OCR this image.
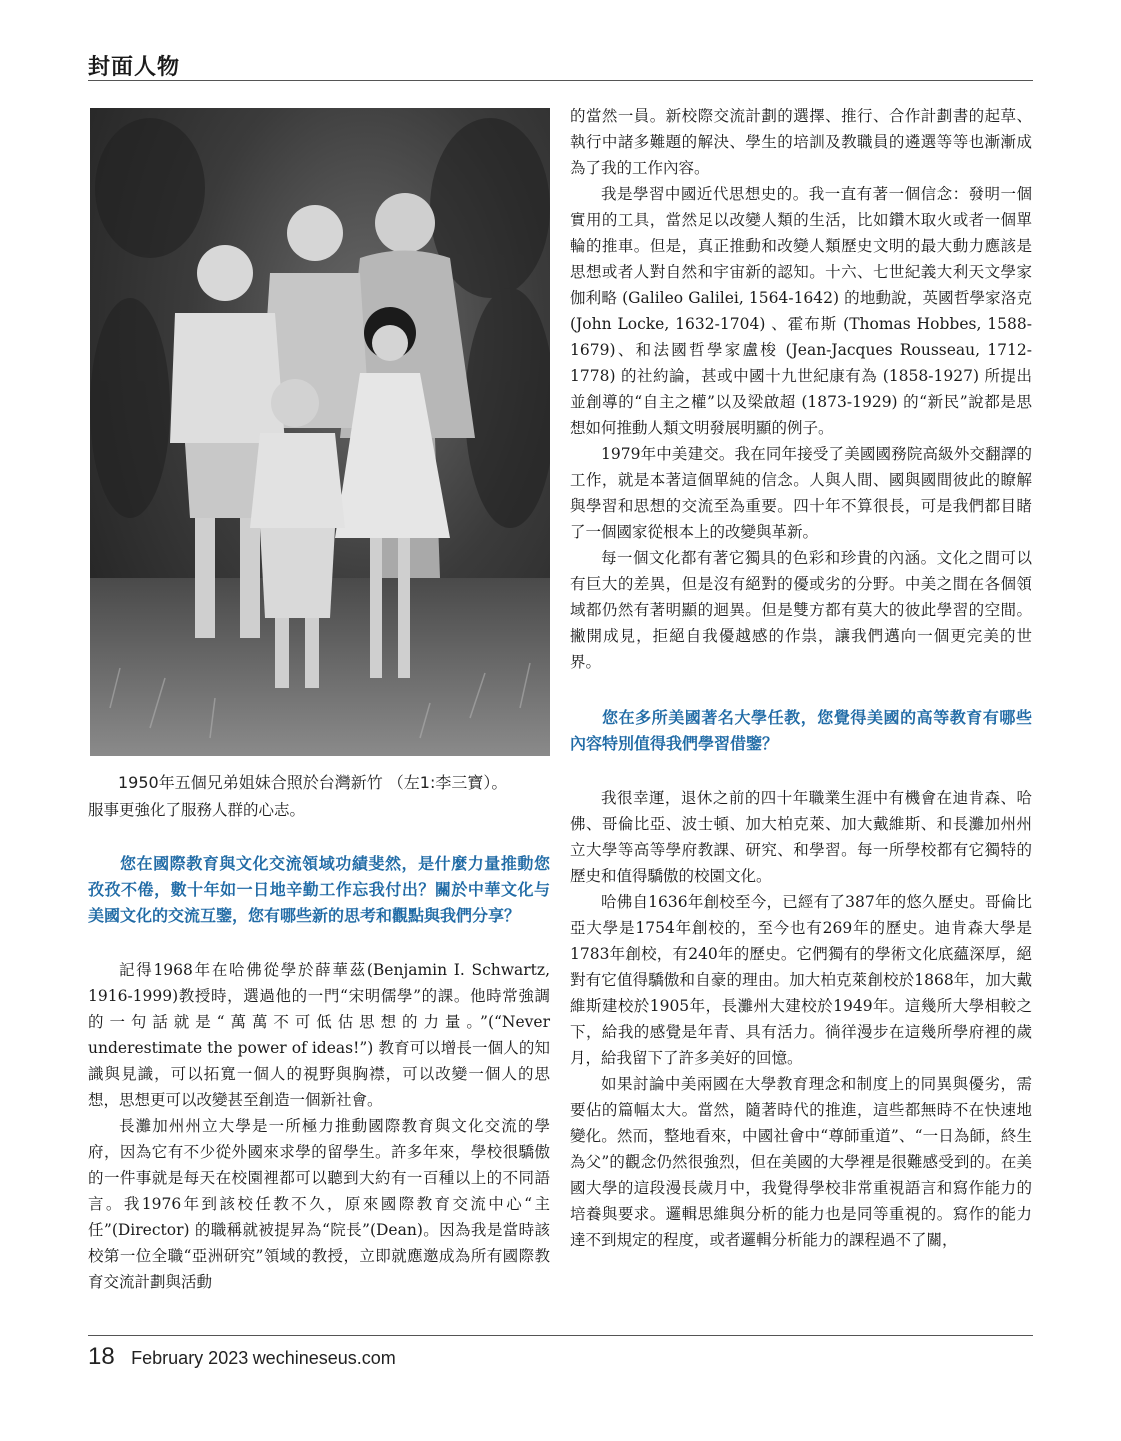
封面人物
1950年五個兄弟姐妹合照於台灣新竹 （左1:李三寶）。

服事更強化了服務人群的心志。

您在國際教育與文化交流領域功績斐然，是什麼力量推動您孜孜不倦，數十年如一日地辛勤工作忘我付出？關於中華文化与美國文化的交流互鑒，您有哪些新的思考和觀點與我們分享？

記得1968年在哈佛從學於薛華茲(Benjamin I. Schwartz, 1916-1999)教授時，選過他的一門“宋明儒學”的課。他時常強調的一句話就是“萬萬不可低估思想的力量。”(“Never underestimate the power of ideas!”) 教育可以增長一個人的知識與見識，可以拓寬一個人的視野與胸襟，可以改變一個人的思想，思想更可以改變甚至創造一個新社會。

長灘加州州立大學是一所極力推動國際教育與文化交流的學府，因為它有不少從外國來求學的留學生。許多年來，學校很驕傲的一件事就是每天在校園裡都可以聽到大約有一百種以上的不同語言。我1976年到該校任教不久，原來國際教育交流中心“主任”(Director) 的職稱就被提昇為“院長”(Dean)。因為我是當時該校第一位全職“亞洲研究”領域的教授，立即就應邀成為所有國際教育交流計劃與活動

的當然一員。新校際交流計劃的選擇、推行、合作計劃書的起草、執行中諸多難題的解決、學生的培訓及教職員的遴選等等也漸漸成為了我的工作內容。

我是學習中國近代思想史的。我一直有著一個信念：發明一個實用的工具，當然足以改變人類的生活，比如鑽木取火或者一個單輪的推車。但是，真正推動和改變人類歷史文明的最大動力應該是思想或者人對自然和宇宙新的認知。十六、七世紀義大利天文學家伽利略 (Galileo Galilei, 1564-1642) 的地動說，英國哲學家洛克 (John Locke, 1632-1704) 、霍布斯 (Thomas Hobbes, 1588-1679)、和法國哲學家盧梭 (Jean-Jacques Rousseau, 1712-1778) 的社約論，甚或中國十九世紀康有為 (1858-1927) 所提出並創導的“自主之權”以及梁啟超 (1873-1929) 的“新民”說都是思想如何推動人類文明發展明顯的例子。

1979年中美建交。我在同年接受了美國國務院高級外交翻譯的工作，就是本著這個單純的信念。人與人間、國與國間彼此的瞭解與學習和思想的交流至為重要。四十年不算很長，可是我們都目睹了一個國家從根本上的改變與革新。

每一個文化都有著它獨具的色彩和珍貴的內涵。文化之間可以有巨大的差異，但是沒有絕對的優或劣的分野。中美之間在各個領域都仍然有著明顯的迴異。但是雙方都有莫大的彼此學習的空間。撇開成見，拒絕自我優越感的作祟，讓我們邁向一個更完美的世界。

您在多所美國著名大學任教，您覺得美國的高等教育有哪些內容特別值得我們學習借鑒？

我很幸運，退休之前的四十年職業生涯中有機會在迪肯森、哈佛、哥倫比亞、波士頓、加大柏克萊、加大戴維斯、和長灘加州州立大學等高等學府教課、研究、和學習。每一所學校都有它獨特的歷史和值得驕傲的校園文化。

哈佛自1636年創校至今，已經有了387年的悠久歷史。哥倫比亞大學是1754年創校的，至今也有269年的歷史。迪肯森大學是1783年創校，有240年的歷史。它們獨有的學術文化底蘊深厚，絕對有它值得驕傲和自豪的理由。加大柏克萊創校於1868年，加大戴維斯建校於1905年，長灘州大建校於1949年。這幾所大學相較之下，給我的感覺是年青、具有活力。徜徉漫步在這幾所學府裡的歲月，給我留下了許多美好的回憶。

如果討論中美兩國在大學教育理念和制度上的同異與優劣，需要佔的篇幅太大。當然，隨著時代的推進，這些都無時不在快速地變化。然而，整地看來，中國社會中“尊師重道”、“一日為師，終生為父”的觀念仍然很強烈，但在美國的大學裡是很難感受到的。在美國大學的這段漫長歲月中，我覺得學校非常重視語言和寫作能力的培養與要求。邏輯思維與分析的能力也是同等重視的。寫作的能力達不到規定的程度，或者邏輯分析能力的課程過不了關，

18 February 2023 wechineseus.com
